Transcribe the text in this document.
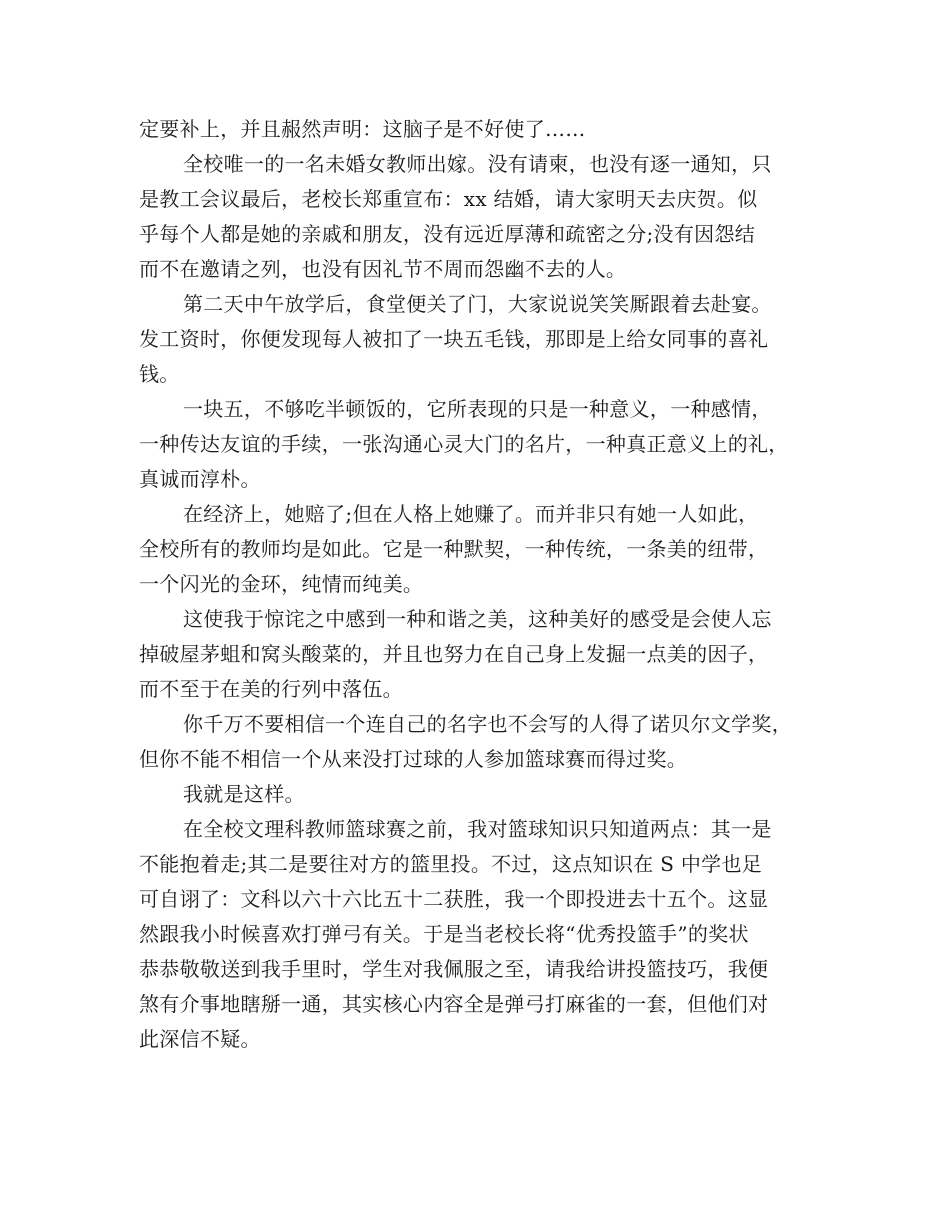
定要补上，并且赧然声明：这脑子是不好使了……
全校唯一的一名未婚女教师出嫁。没有请柬，也没有逐一通知，只
是教工会议最后，老校长郑重宣布：xx 结婚，请大家明天去庆贺。似
乎每个人都是她的亲戚和朋友，没有远近厚薄和疏密之分;没有因怨结
而不在邀请之列，也没有因礼节不周而怨幽不去的人。
第二天中午放学后，食堂便关了门，大家说说笑笑厮跟着去赴宴。
发工资时，你便发现每人被扣了一块五毛钱，那即是上给女同事的喜礼
钱。
一块五，不够吃半顿饭的，它所表现的只是一种意义，一种感情，
一种传达友谊的手续，一张沟通心灵大门的名片，一种真正意义上的礼，
真诚而淳朴。
在经济上，她赔了;但在人格上她赚了。而并非只有她一人如此，
全校所有的教师均是如此。它是一种默契，一种传统，一条美的纽带，
一个闪光的金环，纯情而纯美。
这使我于惊诧之中感到一种和谐之美，这种美好的感受是会使人忘
掉破屋茅蛆和窝头酸菜的，并且也努力在自己身上发掘一点美的因子，
而不至于在美的行列中落伍。
你千万不要相信一个连自己的名字也不会写的人得了诺贝尔文学奖，
但你不能不相信一个从来没打过球的人参加篮球赛而得过奖。
我就是这样。
在全校文理科教师篮球赛之前，我对篮球知识只知道两点：其一是
不能抱着走;其二是要往对方的篮里投。不过，这点知识在 S 中学也足
可自诩了：文科以六十六比五十二获胜，我一个即投进去十五个。这显
然跟我小时候喜欢打弹弓有关。于是当老校长将“优秀投篮手”的奖状
恭恭敬敬送到我手里时，学生对我佩服之至，请我给讲投篮技巧，我便
煞有介事地瞎掰一通，其实核心内容全是弹弓打麻雀的一套，但他们对
此深信不疑。
